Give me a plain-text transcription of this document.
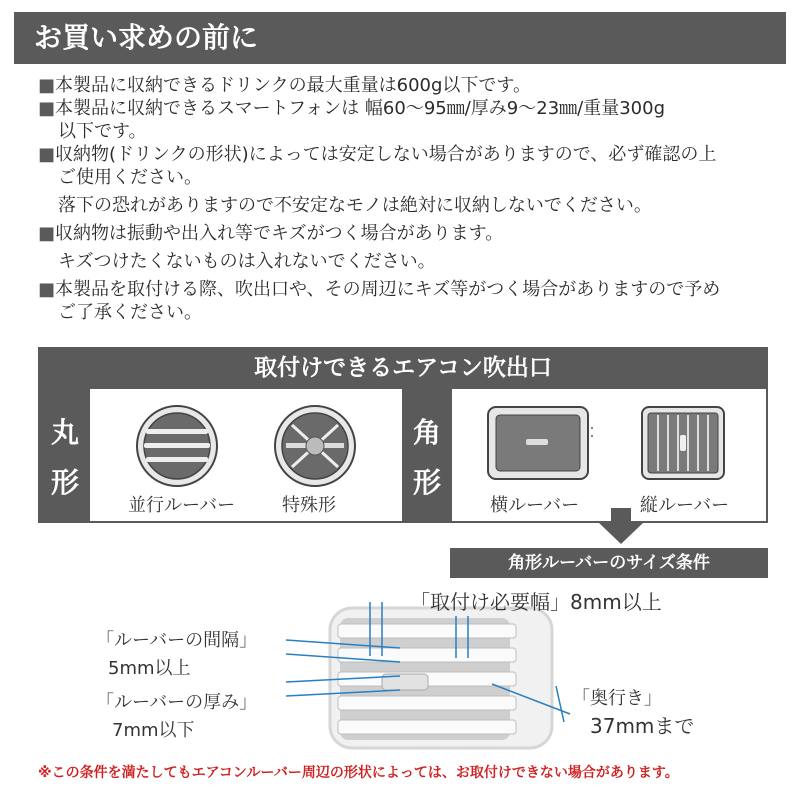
お買い求めの前に
■本製品に収納できるドリンクの最大重量は600g以下です。
■本製品に収納できるスマートフォンは 幅60～95㎜/厚み9～23㎜/重量300g
以下です。
■収納物(ドリンクの形状)によっては安定しない場合がありますので、必ず確認の上
ご使用ください。
落下の恐れがありますので不安定なモノは絶対に収納しないでください。
■収納物は振動や出入れ等でキズがつく場合があります。
キズつけたくないものは入れないでください。
■本製品を取付ける際、吹出口や、その周辺にキズ等がつく場合がありますので予め
ご了承ください。
取付けできるエアコン吹出口
丸
形
角
形
並行ルーバー	特殊形	横ルーバー	縦ルーバー
角形ルーバーのサイズ条件
「取付け必要幅」8mm以上
「ルーバーの間隔」
5mm以上
「ルーバーの厚み」
7mm以下
「奥行き」
37mmまで
※この条件を満たしてもエアコンルーバー周辺の形状によっては、お取付けできない場合があります。
